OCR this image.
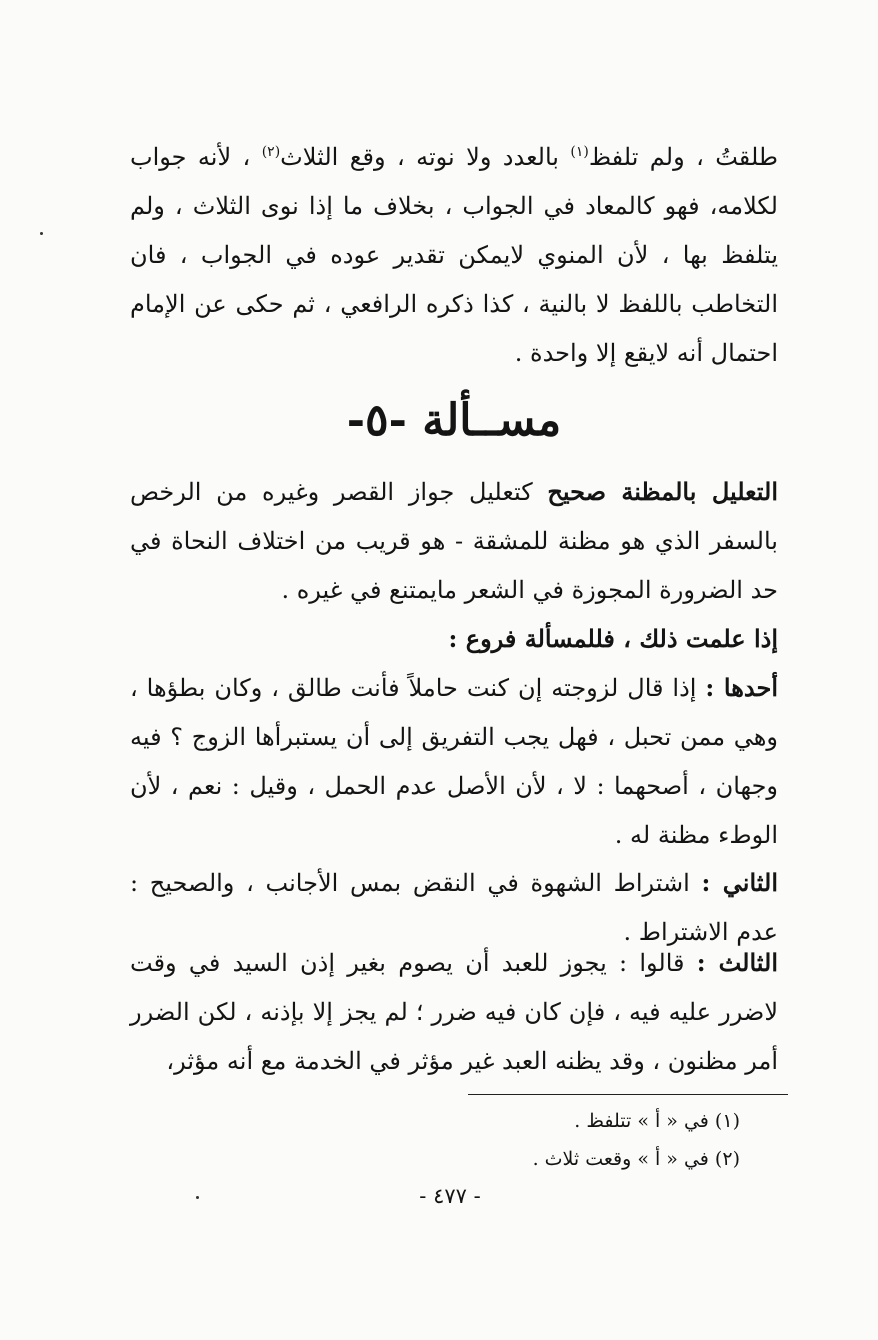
طلقتُ ، ولم تلفظ$^{(١)}$ بالعدد ولا نوته ، وقع الثلاث$^{(٢)}$ ، لأنه جواب لكلامه، فهو كالمعاد في الجواب ، بخلاف ما إذا نوى الثلاث ، ولم يتلفظ بها ، لأن المنوي لايمكن تقدير عوده في الجواب ، فان التخاطب باللفظ لا بالنية ، كذا ذكره الرافعي ، ثم حكى عن الإمام احتمال أنه لايقع إلا واحدة .

مســألة -٥-

التعليل بالمظنة صحيح كتعليل جواز القصر وغيره من الرخص بالسفر الذي هو مظنة للمشقة - هو قريب من اختلاف النحاة في حد الضرورة المجوزة في الشعر مايمتنع في غيره .

إذا علمت ذلك ، فللمسألة فروع :

أحدها : إذا قال لزوجته إن كنت حاملاً فأنت طالق ، وكان بطؤها ، وهي ممن تحبل ، فهل يجب التفريق إلى أن يستبرأها الزوج ؟ فيه وجهان ، أصحهما : لا ، لأن الأصل عدم الحمل ، وقيل : نعم ، لأن الوطء مظنة له .

الثاني : اشتراط الشهوة في النقض بمس الأجانب ، والصحيح : عدم الاشتراط .

الثالث : قالوا : يجوز للعبد أن يصوم بغير إذن السيد في وقت لاضرر عليه فيه ، فإن كان فيه ضرر ؛ لم يجز إلا بإذنه ، لكن الضرر أمر مظنون ، وقد يظنه العبد غير مؤثر في الخدمة مع أنه مؤثر،

(١) في « أ » تتلفظ .

(٢) في « أ » وقعت ثلاث .

- ٤٧٧ -
